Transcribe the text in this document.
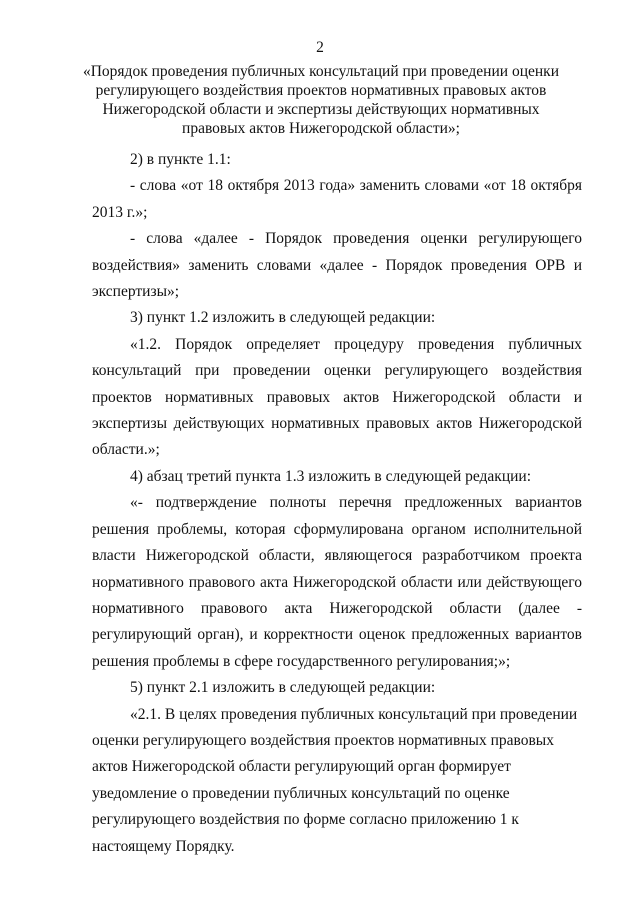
2
«Порядок проведения публичных консультаций при проведении оценки регулирующего воздействия проектов нормативных правовых актов Нижегородской области и экспертизы действующих нормативных правовых актов Нижегородской области»;

2) в пункте 1.1:

- слова «от 18 октября 2013 года» заменить словами «от 18 октября 2013 г.»;

- слова «далее - Порядок проведения оценки регулирующего воздействия» заменить словами «далее - Порядок проведения ОРВ и экспертизы»;

3) пункт 1.2 изложить в следующей редакции:

«1.2. Порядок определяет процедуру проведения публичных консультаций при проведении оценки регулирующего воздействия проектов нормативных правовых актов Нижегородской области и экспертизы действующих нормативных правовых актов Нижегородской области.»;

4) абзац третий пункта 1.3 изложить в следующей редакции:

«- подтверждение полноты перечня предложенных вариантов решения проблемы, которая сформулирована органом исполнительной власти Нижегородской области, являющегося разработчиком проекта нормативного правового акта Нижегородской области или действующего нормативного правового акта Нижегородской области (далее - регулирующий орган), и корректности оценок предложенных вариантов решения проблемы в сфере государственного регулирования;»;

5) пункт 2.1 изложить в следующей редакции:

«2.1. В целях проведения публичных консультаций при проведении оценки регулирующего воздействия проектов нормативных правовых актов Нижегородской области регулирующий орган формирует уведомление о проведении публичных консультаций по оценке регулирующего воздействия по форме согласно приложению 1 к настоящему Порядку.
